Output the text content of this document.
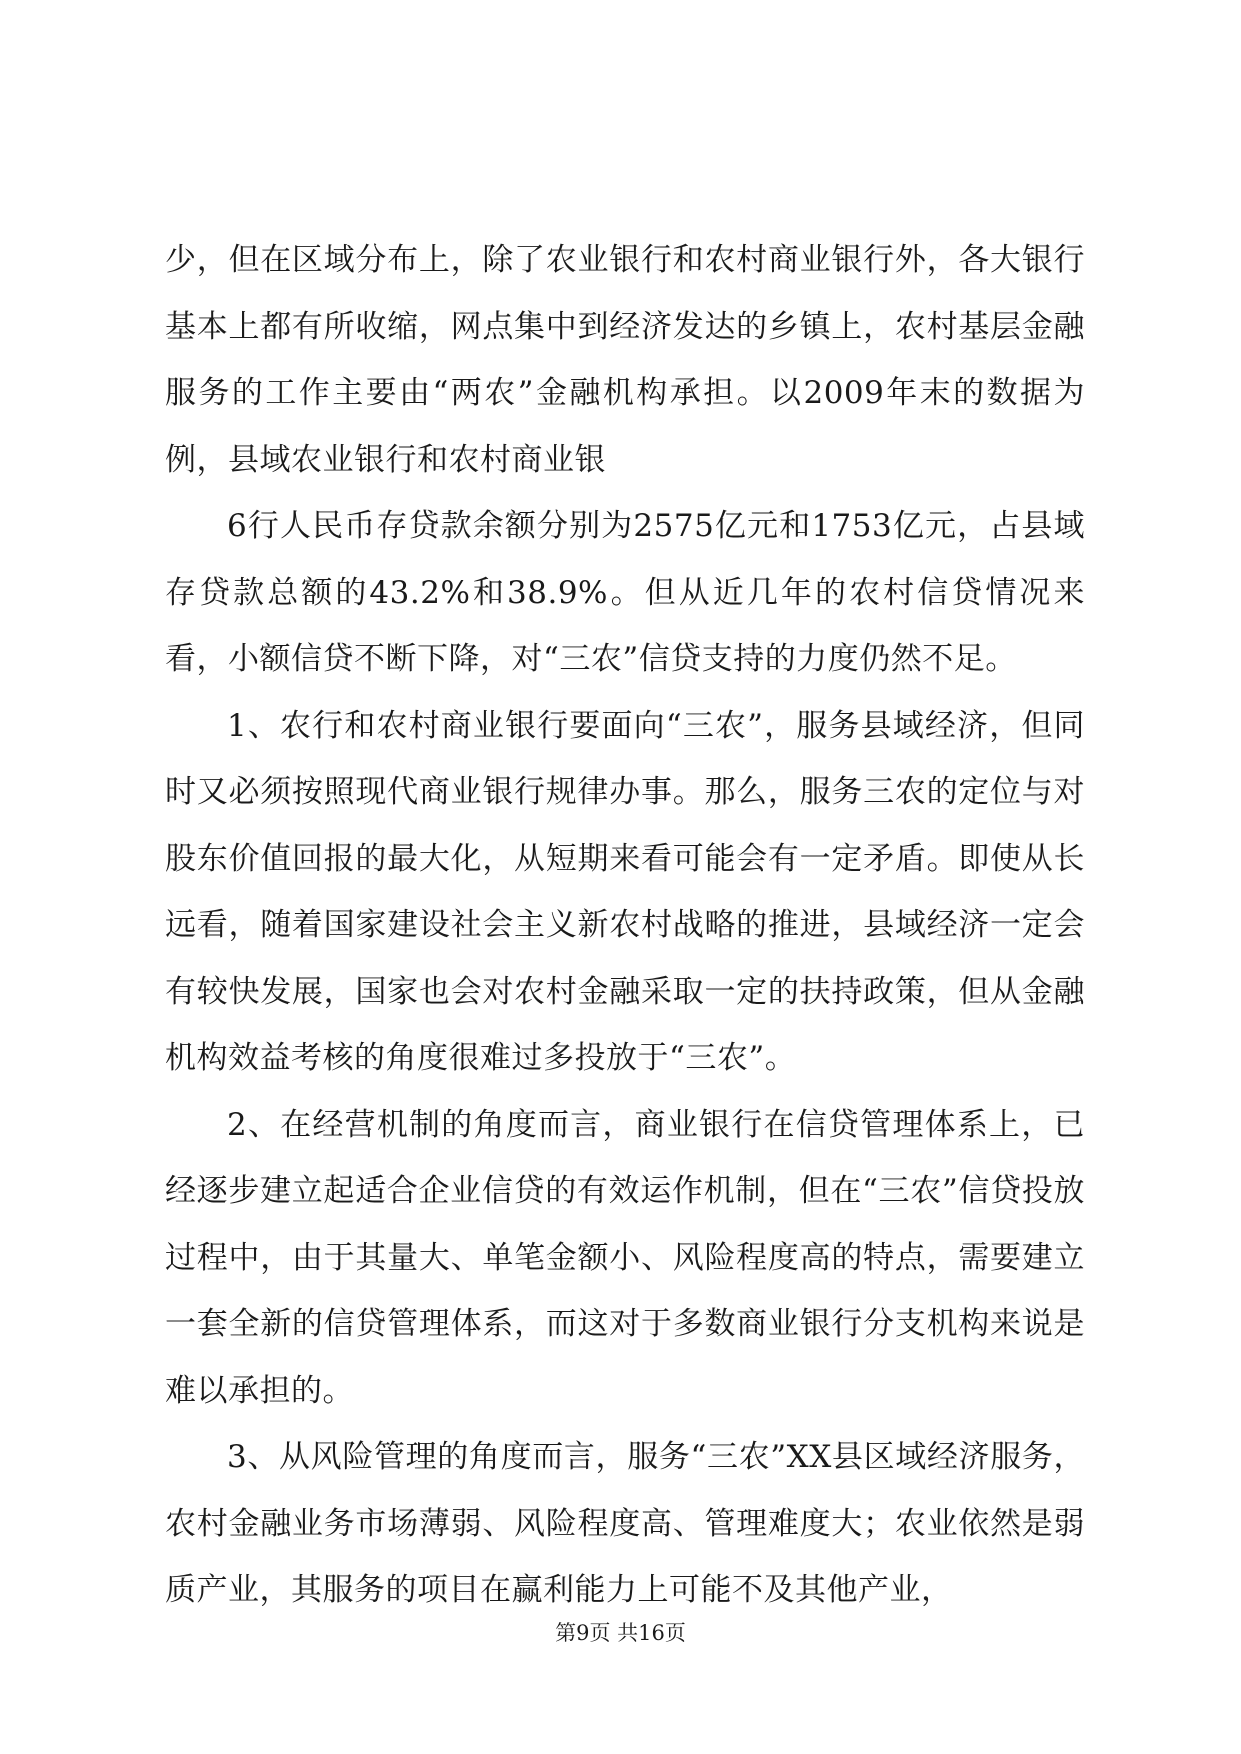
少，但在区域分布上，除了农业银行和农村商业银行外，各大银行基本上都有所收缩，网点集中到经济发达的乡镇上，农村基层金融服务的工作主要由“两农”金融机构承担。以2009年末的数据为例，县域农业银行和农村商业银

6行人民币存贷款余额分别为2575亿元和1753亿元，占县域存贷款总额的43.2%和38.9%。但从近几年的农村信贷情况来看，小额信贷不断下降，对“三农”信贷支持的力度仍然不足。

1、农行和农村商业银行要面向“三农”，服务县域经济，但同时又必须按照现代商业银行规律办事。那么，服务三农的定位与对股东价值回报的最大化，从短期来看可能会有一定矛盾。即使从长远看，随着国家建设社会主义新农村战略的推进，县域经济一定会有较快发展，国家也会对农村金融采取一定的扶持政策，但从金融机构效益考核的角度很难过多投放于“三农”。

2、在经营机制的角度而言，商业银行在信贷管理体系上，已经逐步建立起适合企业信贷的有效运作机制，但在“三农”信贷投放过程中，由于其量大、单笔金额小、风险程度高的特点，需要建立一套全新的信贷管理体系，而这对于多数商业银行分支机构来说是难以承担的。

3、从风险管理的角度而言，服务“三农”XX县区域经济服务，农村金融业务市场薄弱、风险程度高、管理难度大；农业依然是弱质产业，其服务的项目在赢利能力上可能不及其他产业，

第9页 共16页
